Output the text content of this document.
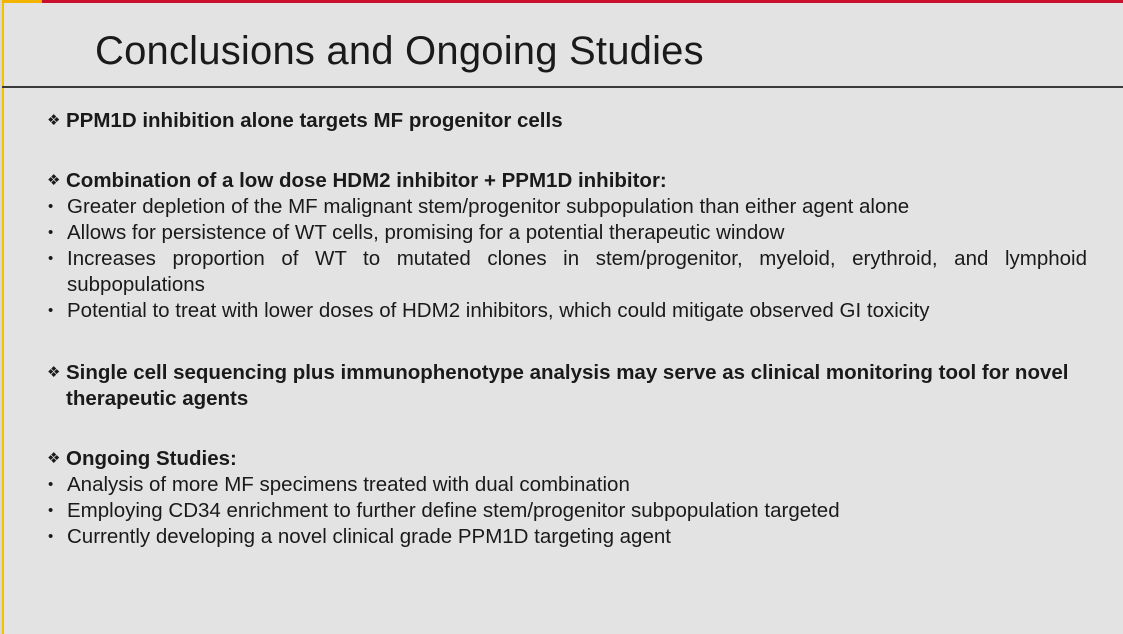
Conclusions and Ongoing Studies
❖ PPM1D inhibition alone targets MF progenitor cells
❖ Combination of a low dose HDM2 inhibitor + PPM1D inhibitor:
• Greater depletion of the MF malignant stem/progenitor subpopulation than either agent alone
• Allows for persistence of WT cells, promising for a potential therapeutic window
• Increases proportion of WT to mutated clones in stem/progenitor, myeloid, erythroid, and lymphoid subpopulations
• Potential to treat with lower doses of HDM2 inhibitors, which could mitigate observed GI toxicity
❖ Single cell sequencing plus immunophenotype analysis may serve as clinical monitoring tool for novel therapeutic agents
❖ Ongoing Studies:
• Analysis of more MF specimens treated with dual combination
• Employing CD34 enrichment to further define stem/progenitor subpopulation targeted
• Currently developing a novel clinical grade PPM1D targeting agent
